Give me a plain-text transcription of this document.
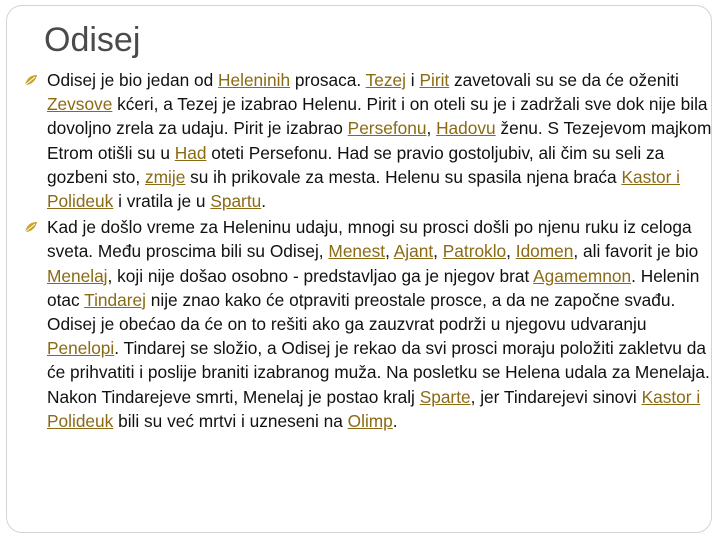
Odisej

Odisej je bio jedan od Heleninih prosaca. Tezej i Pirit zavetovali su se da će oženiti Zevsove kćeri, a Tezej je izabrao Helenu. Pirit i on oteli su je i zadržali sve dok nije bila dovoljno zrela za udaju. Pirit je izabrao Persefonu, Hadovu ženu. S Tezejevom majkom Etrom otišli su u Had oteti Persefonu. Had se pravio gostoljubiv, ali čim su seli za gozbeni sto, zmije su ih prikovale za mesta. Helenu su spasila njena braća Kastor i Polideuk i vratila je u Spartu.

Kad je došlo vreme za Heleninu udaju, mnogi su prosci došli po njenu ruku iz celoga sveta. Među proscima bili su Odisej, Menest, Ajant, Patroklo, Idomen, ali favorit je bio Menelaj, koji nije došao osobno - predstavljao ga je njegov brat Agamemnon. Helenin otac Tindarej nije znao kako će otpraviti preostale prosce, a da ne započne svađu. Odisej je obećao da će on to rešiti ako ga zauzvrat podrži u njegovu udvaranju Penelopi. Tindarej se složio, a Odisej je rekao da svi prosci moraju položiti zakletvu da će prihvatiti i poslije braniti izabranog muža. Na posletku se Helena udala za Menelaja. Nakon Tindarejeve smrti, Menelaj je postao kralj Sparte, jer Tindarejevi sinovi Kastor i Polideuk bili su već mrtvi i uzneseni na Olimp.
